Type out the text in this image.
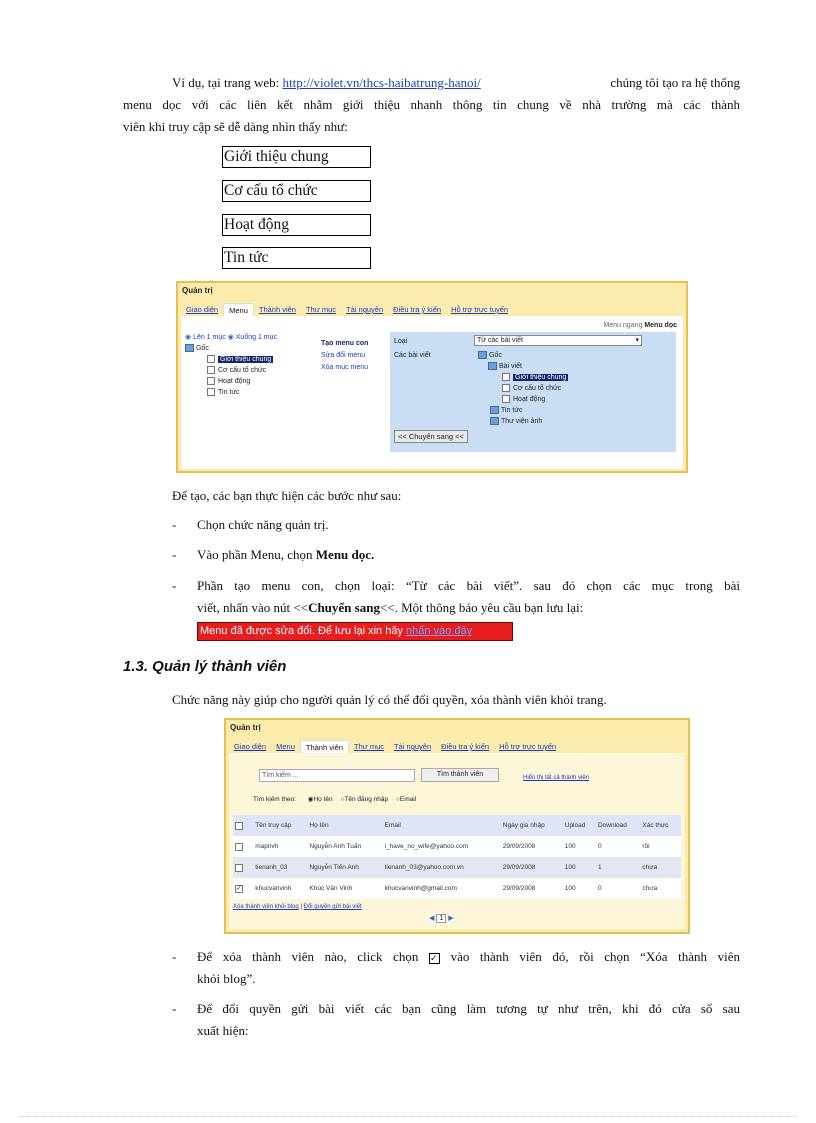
Ví dụ, tại trang web: http://violet.vn/thcs-haibatrung-hanoi/	chúng tôi tạo ra hệ thống
menu dọc với các liên kết nhằm giới thiệu nhanh thông tin chung về nhà trường mà các thành
viên khi truy cập sẽ dễ dàng nhìn thấy như:
Giới thiệu chung
Cơ cấu tổ chức
Hoạt động
Tin tức
Quản trị
Giao diện	Menu	Thành viên	Thư mục	Tài nguyên	Điều tra ý kiến	Hỗ trợ trực tuyến
Menu ngang Menu dọc
◉ Lên 1 mục ◉ Xuống 1 mục
Gốc
Giới thiệu chung
Cơ cấu tổ chức
Hoạt động
Tin tức
Tạo menu con
Sửa đổi menu
Xóa mục menu
Loại	Từ các bài viết	▾
Các bài viết	Gốc
Bài viết
Giới thiệu chung
Cơ cấu tổ chức
Hoạt động
Tin tức
Thư viện ảnh
<< Chuyển sang <<
Để tạo, các bạn thực hiện các bước như sau:
- Chọn chức năng quản trị.
- Vào phần Menu, chọn Menu dọc.
- Phần tạo menu con, chọn loại: “Từ các bài viết”. sau đó chọn các mục trong bài
viết, nhấn vào nút <<Chuyển sang<<. Một thông báo yêu cầu bạn lưu lại:
Menu đã được sửa đổi. Để lưu lại xin hãy nhấn vào đây
1.3. Quản lý thành viên
Chức năng này giúp cho người quản lý có thể đổi quyền, xóa thành viên khỏi trang.
Quản trị
Giao diện	Menu	Thành viên	Thư mục	Tài nguyên	Điều tra ý kiến	Hỗ trợ trực tuyến
Tìm kiếm ...	Tìm thành viên	Hiển thị tất cả thành viên
Tìm kiếm theo: ◉Họ tên ○Tên đăng nhập ○Email
	Tên truy cập	Họ tên	Email	Ngày gia nhập	Upload	Download	Xác thực
	mapnvh	Nguyễn Anh Tuấn	i_have_no_wife@yahoo.com	29/09/2008	100	0	rồi
	tienanh_03	Nguyễn Tiến Anh	tienanh_03@yahoo.com.vn	29/09/2008	100	1	chưa
✓	khucvanvinh	Khúc Văn Vinh	khucvanvinh@gmail.com	29/09/2008	100	0	chưa
Xóa thành viên khỏi blog | Đổi quyền gửi bài viết
◀ 1 ▶
- Để xóa thành viên nào, click chọn ✓ vào thành viên đó, rồi chọn “Xóa thành viên
khỏi blog”.
- Để đổi quyền gửi bài viết các bạn cũng làm tương tự như trên, khi đó cửa sổ sau
xuất hiện:
